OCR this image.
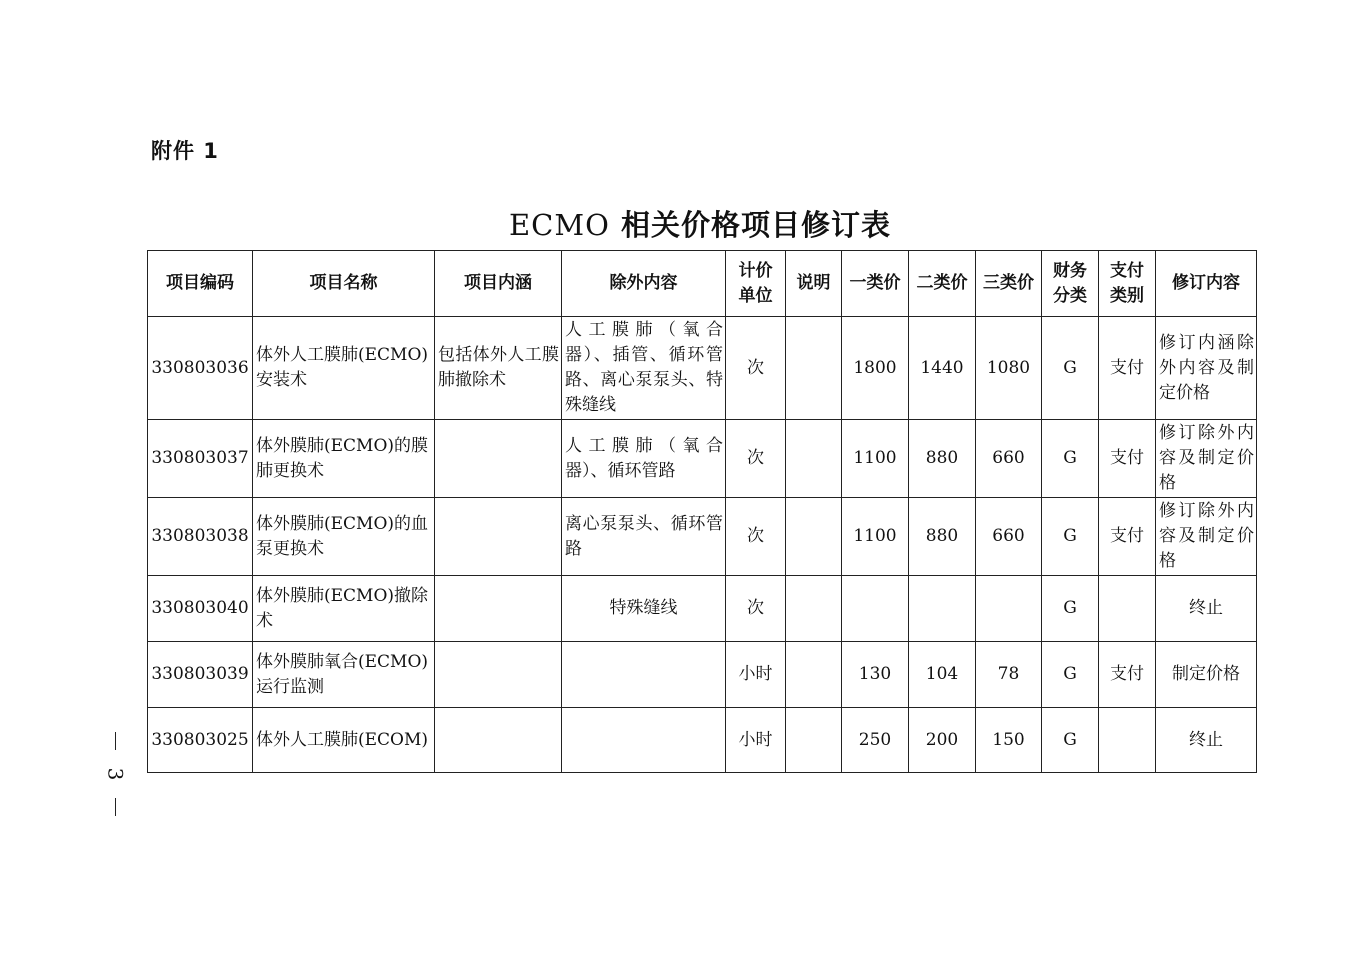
附件 1
ECMO 相关价格项目修订表
项目编码	项目名称	项目内涵	除外内容	计价单位	说明	一类价	二类价	三类价	财务分类	支付类别	修订内容
330803036	体外人工膜肺(ECMO)安装术	包括体外人工膜肺撤除术	人工膜肺（氧合器）、插管、循环管路、离心泵泵头、特殊缝线	次		1800	1440	1080	G	支付	修订内涵除外内容及制定价格
330803037	体外膜肺(ECMO)的膜肺更换术		人工膜肺（氧合器）、循环管路	次		1100	880	660	G	支付	修订除外内容及制定价格
330803038	体外膜肺(ECMO)的血泵更换术		离心泵泵头、循环管路	次		1100	880	660	G	支付	修订除外内容及制定价格
330803040	体外膜肺(ECMO)撤除术		特殊缝线	次					G		终止
330803039	体外膜肺氧合(ECMO)运行监测			小时		130	104	78	G	支付	制定价格
330803025	体外人工膜肺(ECOM)			小时		250	200	150	G		终止
3
